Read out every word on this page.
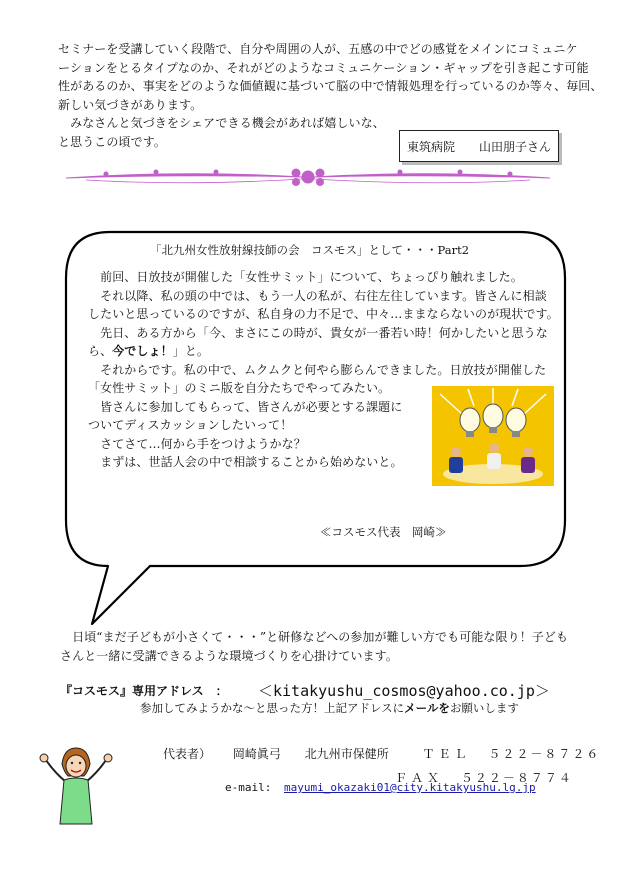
セミナーを受講していく段階で、自分や周囲の人が、五感の中でどの感覚をメインにコミュニケ

ーションをとるタイプなのか、それがどのようなコミュニケーション・ギャップを引き起こす可能

性があるのか、事実をどのような価値観に基づいて脳の中で情報処理を行っているのか等々、毎回、

新しい気づきがあります。

　みなさんと気づきをシェアできる機会があれば嬉しいな、

と思うこの頃です。	東筑病院　　山田朋子さん
「北九州女性放射線技師の会　コスモス」として・・・Part2

　前回、日放技が開催した「女性サミット」について、ちょっぴり触れました。

　それ以降、私の頭の中では、もう一人の私が、右往左往しています。皆さんに相談

したいと思っているのですが、私自身の力不足で、中々…ままならないのが現状です。

　先日、ある方から「今、まさにこの時が、貴女が一番若い時！何かしたいと思うな

ら、今でしょ！」と。

　それからです。私の中で、ムクムクと何やら膨らんできました。日放技が開催した

「女性サミット」のミニ版を自分たちでやってみたい。

　皆さんに参加してもらって、皆さんが必要とする課題に

ついてディスカッションしたいって！

　さてさて…何から手をつけようかな？

　まずは、世話人会の中で相談することから始めないと。

≪コスモス代表　岡崎≫

　日頃“まだ子どもが小さくて・・・”と研修などへの参加が難しい方でも可能な限り！子ども

さんと一緒に受講できるような環境づくりを心掛けています。

『コスモス』専用アドレス　： ＜kitakyushu_cosmos@yahoo.co.jp＞
参加してみようかな～と思った方！上記アドレスにメールをお願いします
代表者） 岡崎眞弓 北九州市保健所	ＴＥＬ ５２２－８７２６
ＦＡＸ ５２２－８７７４
e-mail: mayumi_okazaki01@city.kitakyushu.lg.jp
